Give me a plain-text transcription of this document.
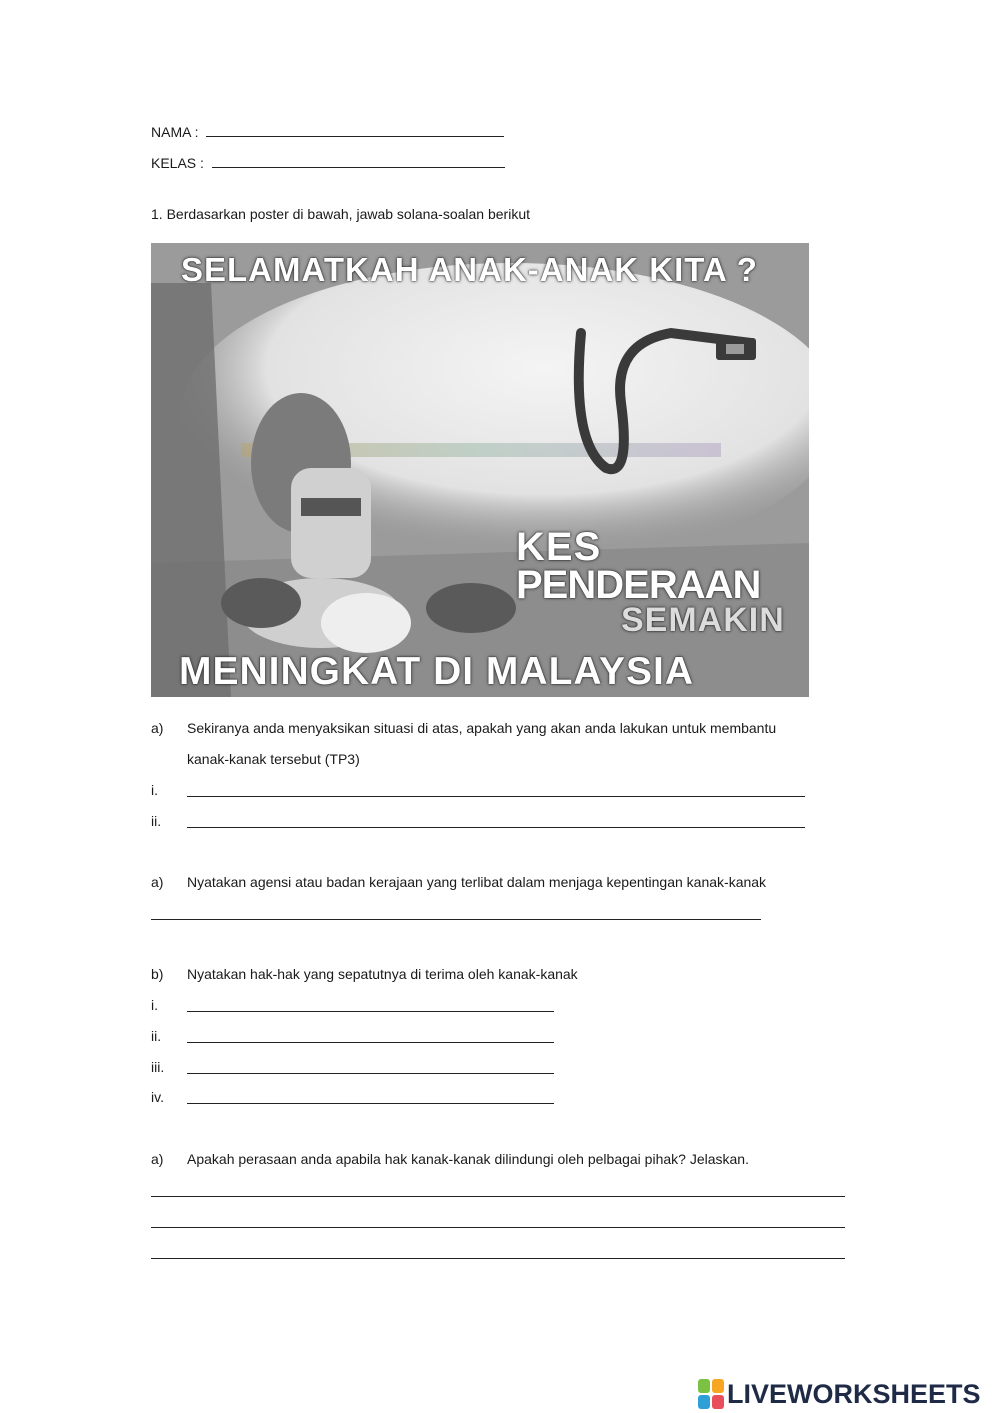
NAMA :
KELAS :
1. Berdasarkan poster di bawah, jawab solana-soalan berikut
SELAMATKAH ANAK-ANAK KITA ?
KES
PENDERAAN
SEMAKIN
MENINGKAT DI MALAYSIA
a) Sekiranya anda menyaksikan situasi di atas, apakah yang akan anda lakukan untuk membantu
kanak-kanak tersebut (TP3)
i.
ii.
a) Nyatakan agensi atau badan kerajaan yang terlibat dalam menjaga kepentingan kanak-kanak
b) Nyatakan hak-hak yang sepatutnya di terima oleh kanak-kanak
i.
ii.
iii.
iv.
a) Apakah perasaan anda apabila hak kanak-kanak dilindungi oleh pelbagai pihak? Jelaskan.
LIVEWORKSHEETS
